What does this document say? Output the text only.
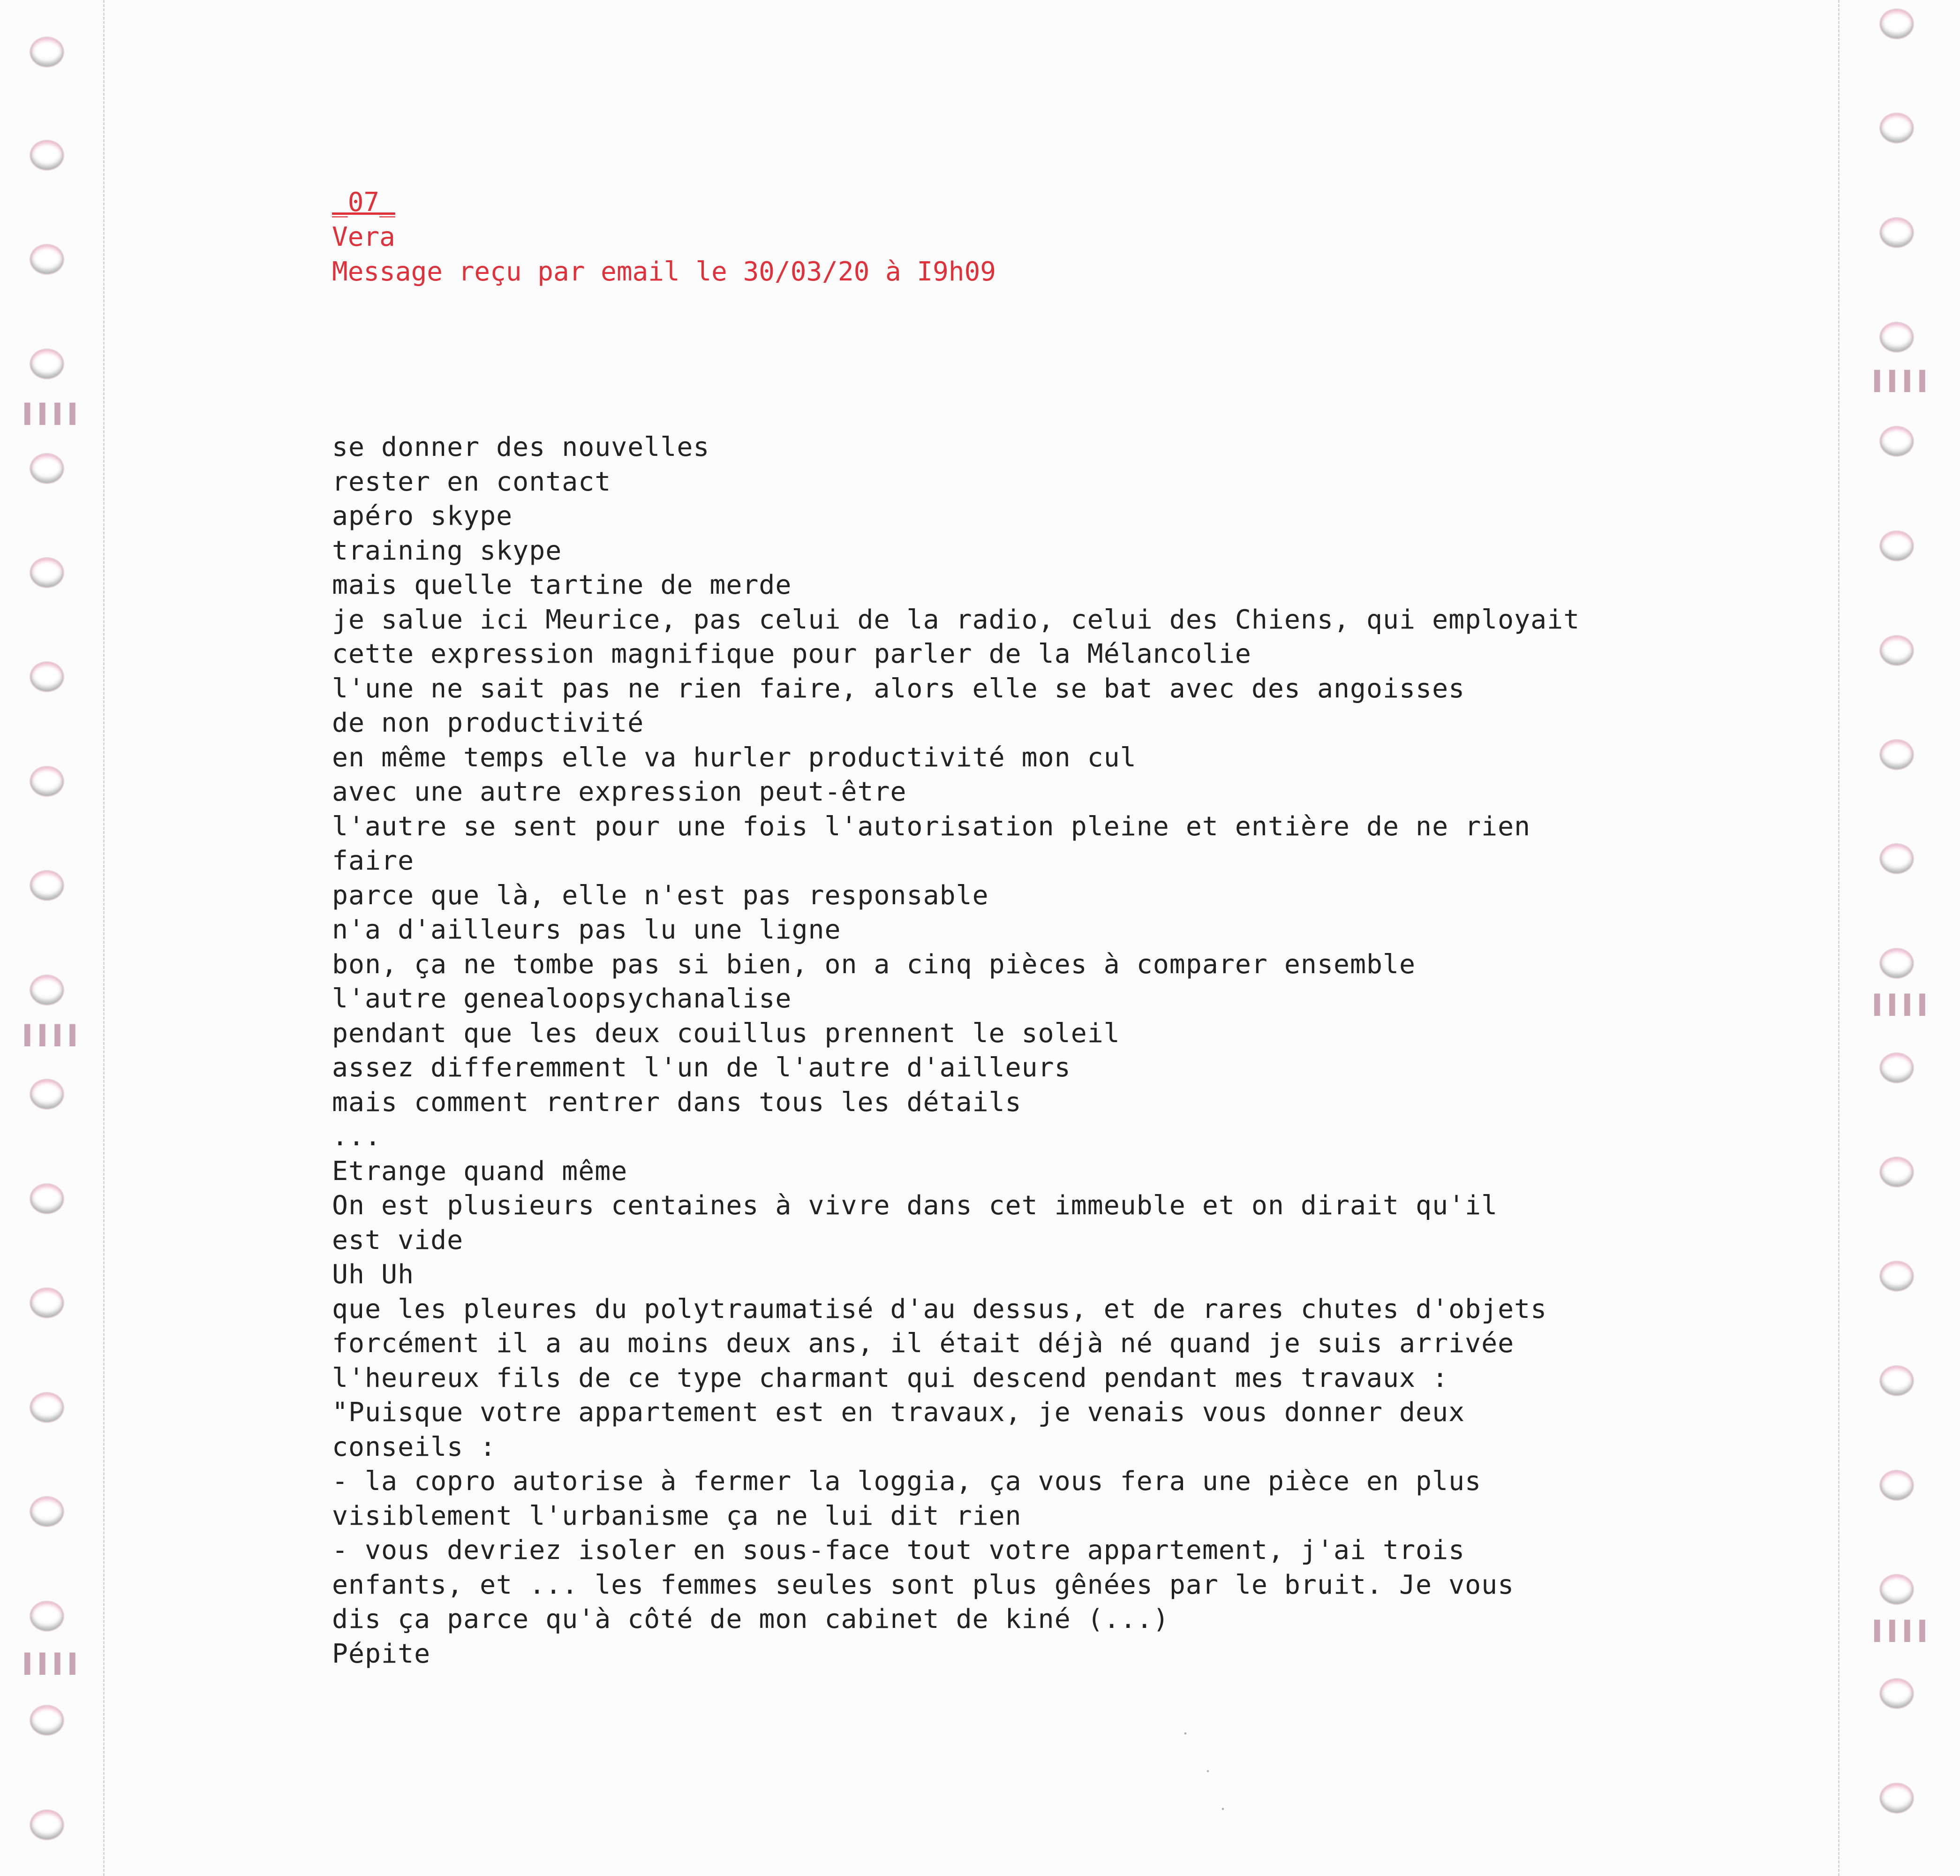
▐▐▐▐
▐▐▐▐
▐▐▐▐
▐▐▐▐
▐▐▐▐
▐▐▐▐
_07_
Vera
Message reçu par email le 30/03/20 à I9h09
se donner des nouvelles
rester en contact
apéro skype
training skype
mais quelle tartine de merde
je salue ici Meurice, pas celui de la radio, celui des Chiens, qui employait
cette expression magnifique pour parler de la Mélancolie
l'une ne sait pas ne rien faire, alors elle se bat avec des angoisses
de non productivité
en même temps elle va hurler productivité mon cul
avec une autre expression peut-être
l'autre se sent pour une fois l'autorisation pleine et entière de ne rien
faire
parce que là, elle n'est pas responsable
n'a d'ailleurs pas lu une ligne
bon, ça ne tombe pas si bien, on a cinq pièces à comparer ensemble
l'autre genealoopsychanalise
pendant que les deux couillus prennent le soleil
assez differemment l'un de l'autre d'ailleurs
mais comment rentrer dans tous les détails
...
Etrange quand même
On est plusieurs centaines à vivre dans cet immeuble et on dirait qu'il
est vide
Uh Uh
que les pleures du polytraumatisé d'au dessus, et de rares chutes d'objets
forcément il a au moins deux ans, il était déjà né quand je suis arrivée
l'heureux fils de ce type charmant qui descend pendant mes travaux :
"Puisque votre appartement est en travaux, je venais vous donner deux
conseils :
- la copro autorise à fermer la loggia, ça vous fera une pièce en plus
visiblement l'urbanisme ça ne lui dit rien
- vous devriez isoler en sous-face tout votre appartement, j'ai trois
enfants, et ... les femmes seules sont plus gênées par le bruit. Je vous
dis ça parce qu'à côté de mon cabinet de kiné (...)
Pépite
